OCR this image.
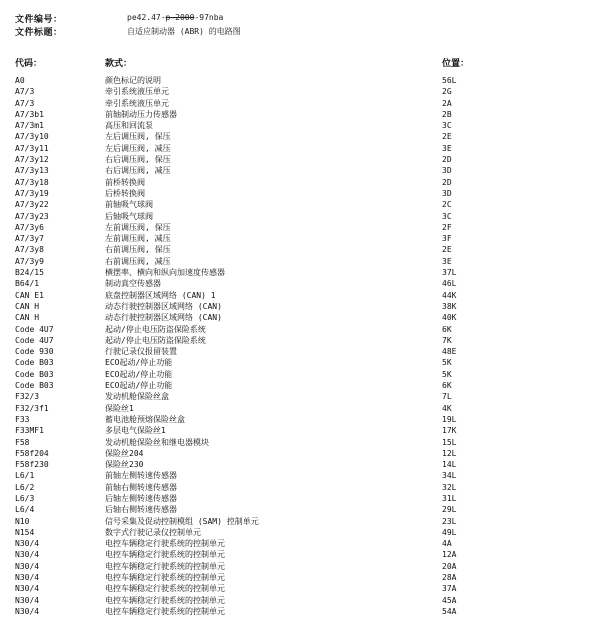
文件编号：	pe42.47-p-2000-97nba
文件标题：	自适应制动器 (ABR) 的电路图
代码：	款式：	位置：
A0	颜色标记的说明	56L
A7/3	牵引系统液压单元	2G
A7/3	牵引系统液压单元	2A
A7/3b1	前轴制动压力传感器	2B
A7/3m1	高压和回流泵	3C
A7/3y10	左后调压阀, 保压	2E
A7/3y11	左后调压阀, 减压	3E
A7/3y12	右后调压阀, 保压	2D
A7/3y13	右后调压阀, 减压	3D
A7/3y18	前桥转换阀	2D
A7/3y19	后桥转换阀	3D
A7/3y22	前轴吸气球阀	2C
A7/3y23	后轴吸气球阀	3C
A7/3y6	左前调压阀, 保压	2F
A7/3y7	左前调压阀, 减压	3F
A7/3y8	右前调压阀, 保压	2E
A7/3y9	右前调压阀, 减压	3E
B24/15	横摆率、横向和纵向加速度传感器	37L
B64/1	制动真空传感器	46L
CAN E1	底盘控制器区域网络 (CAN) 1	44K
CAN H	动态行驶控制器区域网络 (CAN)	38K
CAN H	动态行驶控制器区域网络 (CAN)	40K
Code 4U7	起动/停止电压防盗保险系统	6K
Code 4U7	起动/停止电压防盗保险系统	7K
Code 930	行驶记录仪报留装置	48E
Code B03	ECO起动/停止功能	5K
Code B03	ECO起动/停止功能	5K
Code B03	ECO起动/停止功能	6K
F32/3	发动机舱保险丝盒	7L
F32/3f1	保险丝1	4K
F33	蓄电池舱预熔保险丝盒	19L
F33MF1	多层电气保险丝1	17K
F58	发动机舱保险丝和继电器模块	15L
F58f204	保险丝204	12L
F58f230	保险丝230	14L
L6/1	前轴左侧转速传感器	34L
L6/2	前轴右侧转速传感器	32L
L6/3	后轴左侧转速传感器	31L
L6/4	后轴右侧转速传感器	29L
N10	信号采集及促动控制模组 (SAM) 控制单元	23L
N154	数字式行驶记录仪控制单元	49L
N30/4	电控车辆稳定行驶系统的控制单元	4A
N30/4	电控车辆稳定行驶系统的控制单元	12A
N30/4	电控车辆稳定行驶系统的控制单元	20A
N30/4	电控车辆稳定行驶系统的控制单元	28A
N30/4	电控车辆稳定行驶系统的控制单元	37A
N30/4	电控车辆稳定行驶系统的控制单元	45A
N30/4	电控车辆稳定行驶系统的控制单元	54A
